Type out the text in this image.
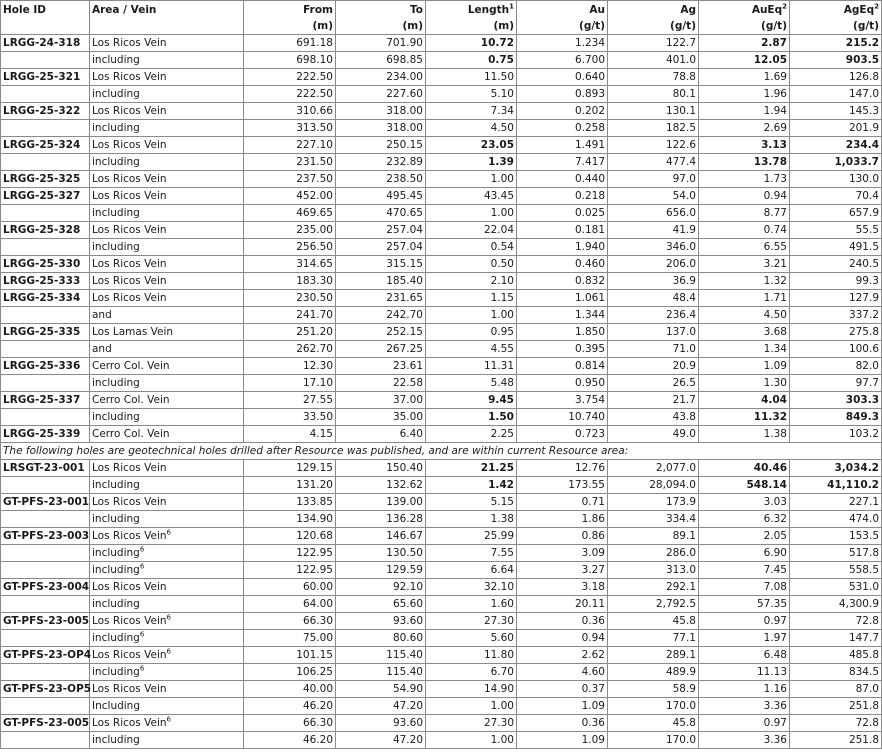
Hole ID	Area / Vein	From	To	Length$^1$	Au	Ag	AuEq$^2$	AgEq$^2$
		(m)	(m)	(m)	(g/t)	(g/t)	(g/t)	(g/t)
LRGG-24-318	Los Ricos Vein	691.18	701.90	10.72	1.234	122.7	2.87	215.2
	including	698.10	698.85	0.75	6.700	401.0	12.05	903.5
LRGG-25-321	Los Ricos Vein	222.50	234.00	11.50	0.640	78.8	1.69	126.8
	including	222.50	227.60	5.10	0.893	80.1	1.96	147.0
LRGG-25-322	Los Ricos Vein	310.66	318.00	7.34	0.202	130.1	1.94	145.3
	including	313.50	318.00	4.50	0.258	182.5	2.69	201.9
LRGG-25-324	Los Ricos Vein	227.10	250.15	23.05	1.491	122.6	3.13	234.4
	including	231.50	232.89	1.39	7.417	477.4	13.78	1,033.7
LRGG-25-325	Los Ricos Vein	237.50	238.50	1.00	0.440	97.0	1.73	130.0
LRGG-25-327	Los Ricos Vein	452.00	495.45	43.45	0.218	54.0	0.94	70.4
	including	469.65	470.65	1.00	0.025	656.0	8.77	657.9
LRGG-25-328	Los Ricos Vein	235.00	257.04	22.04	0.181	41.9	0.74	55.5
	including	256.50	257.04	0.54	1.940	346.0	6.55	491.5
LRGG-25-330	Los Ricos Vein	314.65	315.15	0.50	0.460	206.0	3.21	240.5
LRGG-25-333	Los Ricos Vein	183.30	185.40	2.10	0.832	36.9	1.32	99.3
LRGG-25-334	Los Ricos Vein	230.50	231.65	1.15	1.061	48.4	1.71	127.9
	and	241.70	242.70	1.00	1.344	236.4	4.50	337.2
LRGG-25-335	Los Lamas Vein	251.20	252.15	0.95	1.850	137.0	3.68	275.8
	and	262.70	267.25	4.55	0.395	71.0	1.34	100.6
LRGG-25-336	Cerro Col. Vein	12.30	23.61	11.31	0.814	20.9	1.09	82.0
	including	17.10	22.58	5.48	0.950	26.5	1.30	97.7
LRGG-25-337	Cerro Col. Vein	27.55	37.00	9.45	3.754	21.7	4.04	303.3
	including	33.50	35.00	1.50	10.740	43.8	11.32	849.3
LRGG-25-339	Cerro Col. Vein	4.15	6.40	2.25	0.723	49.0	1.38	103.2
The following holes are geotechnical holes drilled after Resource was published, and are within current Resource area:								
LRSGT-23-001	Los Ricos Vein	129.15	150.40	21.25	12.76	2,077.0	40.46	3,034.2
	including	131.20	132.62	1.42	173.55	28,094.0	548.14	41,110.2
GT-PFS-23-001	Los Ricos Vein	133.85	139.00	5.15	0.71	173.9	3.03	227.1
	including	134.90	136.28	1.38	1.86	334.4	6.32	474.0
GT-PFS-23-003	Los Ricos Vein$^6$	120.68	146.67	25.99	0.86	89.1	2.05	153.5
	including$^6$	122.95	130.50	7.55	3.09	286.0	6.90	517.8
	including$^6$	122.95	129.59	6.64	3.27	313.0	7.45	558.5
GT-PFS-23-004	Los Ricos Vein	60.00	92.10	32.10	3.18	292.1	7.08	531.0
	including	64.00	65.60	1.60	20.11	2,792.5	57.35	4,300.9
GT-PFS-23-005	Los Ricos Vein$^6$	66.30	93.60	27.30	0.36	45.8	0.97	72.8
	including$^6$	75.00	80.60	5.60	0.94	77.1	1.97	147.7
GT-PFS-23-OP4	Los Ricos Vein$^6$	101.15	115.40	11.80	2.62	289.1	6.48	485.8
	including$^6$	106.25	115.40	6.70	4.60	489.9	11.13	834.5
GT-PFS-23-OP5	Los Ricos Vein	40.00	54.90	14.90	0.37	58.9	1.16	87.0
	Including	46.20	47.20	1.00	1.09	170.0	3.36	251.8
GT-PFS-23-005	Los Ricos Vein$^6$	66.30	93.60	27.30	0.36	45.8	0.97	72.8
	including	46.20	47.20	1.00	1.09	170.0	3.36	251.8
